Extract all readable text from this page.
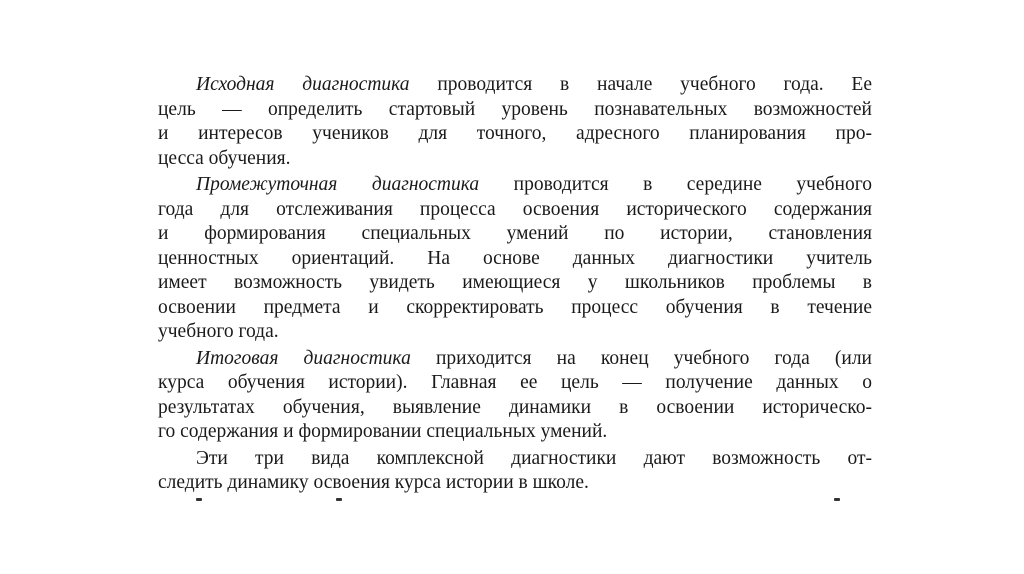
Исходная диагностика проводится в начале учебного года. Ее
цель — определить стартовый уровень познавательных возможностей
и интересов учеников для точного, адресного планирования про-
цесса обучения.

Промежуточная диагностика проводится в середине учебного
года для отслеживания процесса освоения исторического содержания
и формирования специальных умений по истории, становления
ценностных ориентаций. На основе данных диагностики учитель
имеет возможность увидеть имеющиеся у школьников проблемы в
освоении предмета и скорректировать процесс обучения в течение
учебного года.

Итоговая диагностика приходится на конец учебного года (или
курса обучения истории). Главная ее цель — получение данных о
результатах обучения, выявление динамики в освоении историческо-
го содержания и формировании специальных умений.

Эти три вида комплексной диагностики дают возможность от-
следить динамику освоения курса истории в школе.
